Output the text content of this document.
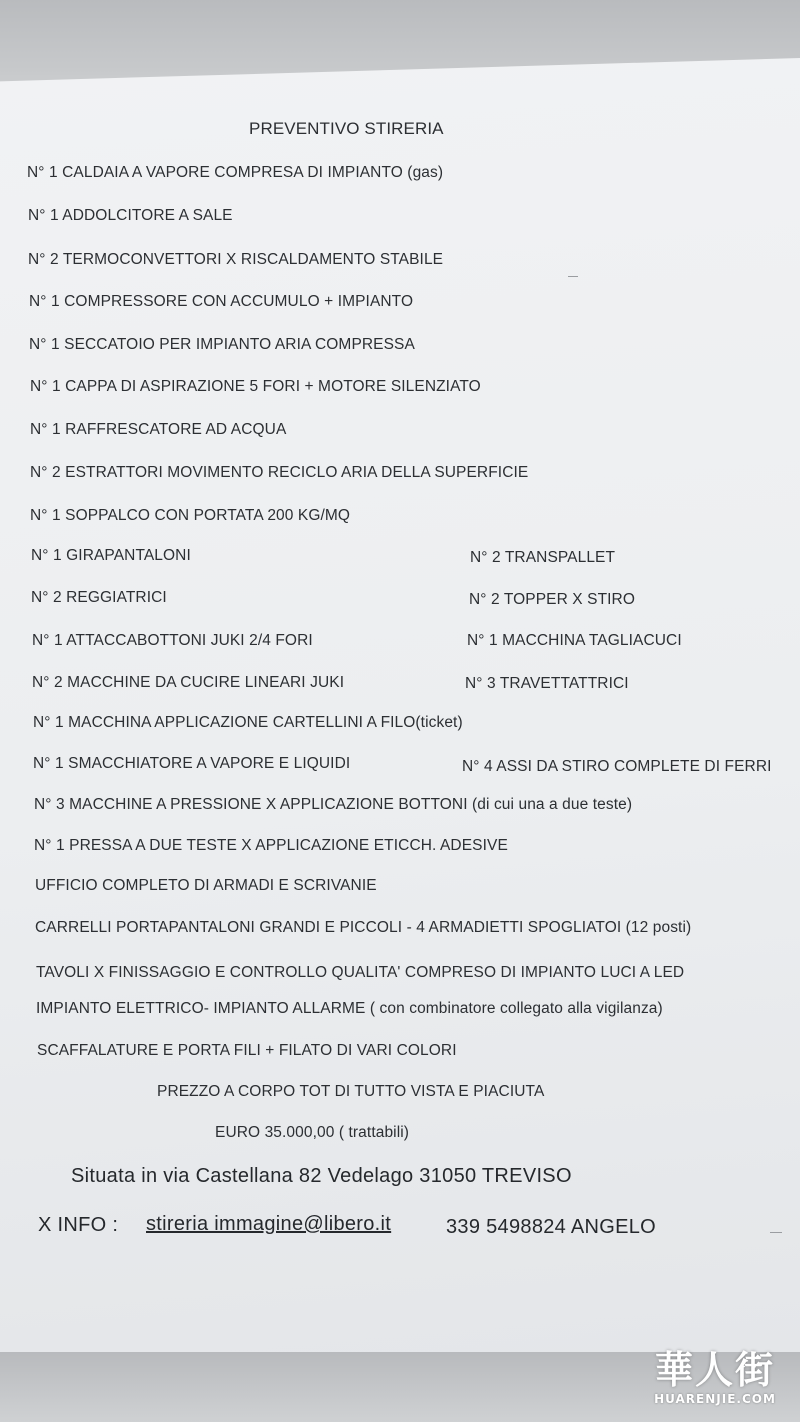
PREVENTIVO STIRERIA
N° 1 CALDAIA A VAPORE COMPRESA DI IMPIANTO (gas)
N° 1 ADDOLCITORE A SALE
N° 2 TERMOCONVETTORI X RISCALDAMENTO STABILE
N° 1 COMPRESSORE CON ACCUMULO + IMPIANTO
N° 1 SECCATOIO PER IMPIANTO ARIA COMPRESSA
N° 1 CAPPA DI ASPIRAZIONE 5 FORI + MOTORE SILENZIATO
N° 1 RAFFRESCATORE AD ACQUA
N° 2 ESTRATTORI MOVIMENTO RECICLO ARIA DELLA SUPERFICIE
N° 1 SOPPALCO CON PORTATA 200 KG/MQ
N° 1 GIRAPANTALONI	N° 2 TRANSPALLET
N° 2 REGGIATRICI	N° 2 TOPPER X STIRO
N° 1 ATTACCABOTTONI JUKI 2/4 FORI	N° 1 MACCHINA TAGLIACUCI
N° 2 MACCHINE DA CUCIRE LINEARI JUKI	N° 3 TRAVETTATTRICI
N° 1 MACCHINA APPLICAZIONE CARTELLINI A FILO(ticket)
N° 1 SMACCHIATORE A VAPORE E LIQUIDI	N° 4 ASSI DA STIRO COMPLETE DI FERRI
N° 3 MACCHINE A PRESSIONE X APPLICAZIONE BOTTONI (di cui una a due teste)
N° 1 PRESSA A DUE TESTE X APPLICAZIONE ETICCH. ADESIVE
UFFICIO COMPLETO DI ARMADI E SCRIVANIE
CARRELLI PORTAPANTALONI GRANDI E PICCOLI - 4 ARMADIETTI SPOGLIATOI (12 posti)
TAVOLI X FINISSAGGIO E CONTROLLO QUALITA' COMPRESO DI IMPIANTO LUCI A LED
IMPIANTO ELETTRICO- IMPIANTO ALLARME ( con combinatore collegato alla vigilanza)
SCAFFALATURE E PORTA FILI + FILATO DI VARI COLORI
PREZZO A CORPO TOT DI TUTTO VISTA E PIACIUTA
EURO 35.000,00 ( trattabili)
Situata in via Castellana 82 Vedelago 31050 TREVISO
X INFO : stireria immagine@libero.it	339 5498824 ANGELO
華人街
HUARENJIE.COM
